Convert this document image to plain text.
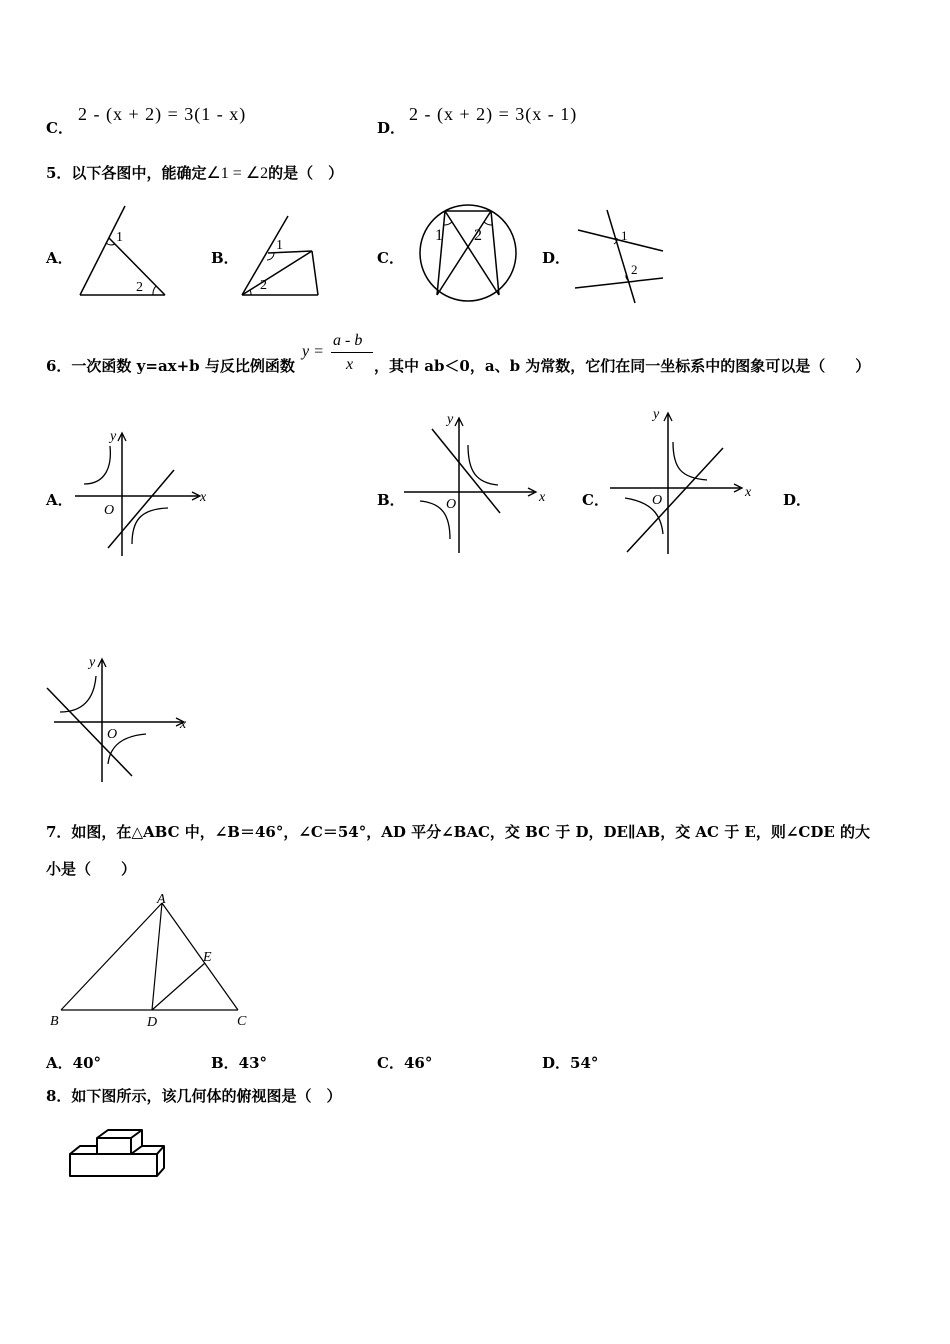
C．
2 - (x + 2) = 3(1 - x)
D．
2 - (x + 2) = 3(x - 1)
5．以下各图中，能确定∠1 = ∠2的是（　）
A．
1
2
B．
1
2
C．
1 2
D．
1
2
6．一次函数 y=ax+b 与反比例函数
y =
a - b
x ，其中 ab＜0，a、b 为常数，它们在同一坐标系中的图象可以是（　　）
A．	x
y
O
B．	x
y
O	C．	x
y
O	D．
x
y
O
7．如图，在△ABC 中，∠B＝46°，∠C＝54°，AD 平分∠BAC，交 BC 于 D，DE∥AB，交 AC 于 E，则∠CDE 的大
小是（　　）
A
B	C
D
E
A．40°	B．43°	C．46°	D．54°
8．如下图所示，该几何体的俯视图是（　）
